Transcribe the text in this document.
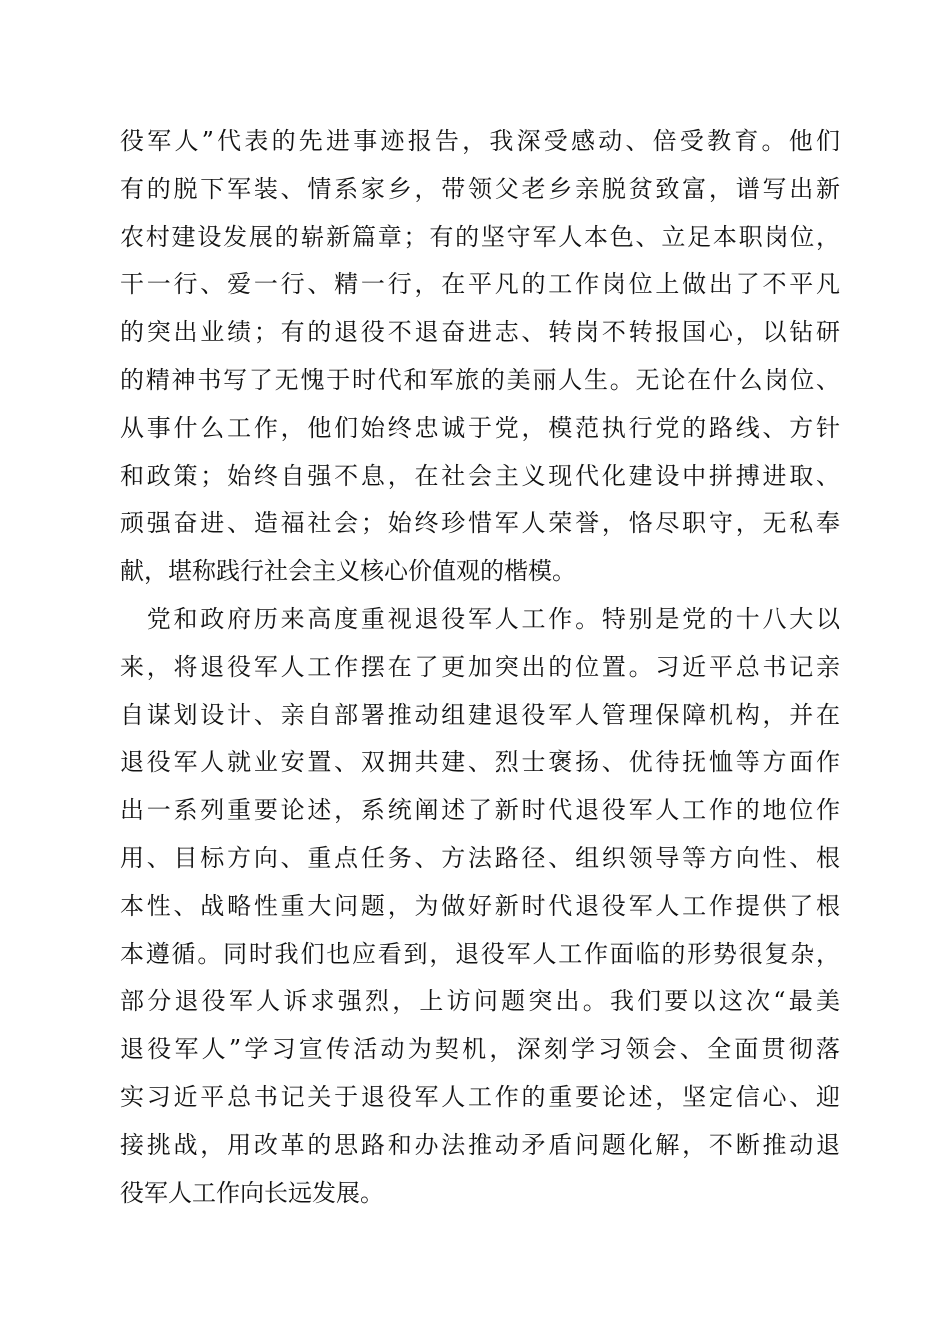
役军人”代表的先进事迹报告，我深受感动、倍受教育。他们
有的脱下军装、情系家乡，带领父老乡亲脱贫致富，谱写出新
农村建设发展的崭新篇章；有的坚守军人本色、立足本职岗位，
干一行、爱一行、精一行，在平凡的工作岗位上做出了不平凡
的突出业绩；有的退役不退奋进志、转岗不转报国心，以钻研
的精神书写了无愧于时代和军旅的美丽人生。无论在什么岗位、
从事什么工作，他们始终忠诚于党，模范执行党的路线、方针
和政策；始终自强不息，在社会主义现代化建设中拼搏进取、
顽强奋进、造福社会；始终珍惜军人荣誉，恪尽职守，无私奉
献，堪称践行社会主义核心价值观的楷模。
　党和政府历来高度重视退役军人工作。特别是党的十八大以
来，将退役军人工作摆在了更加突出的位置。习近平总书记亲
自谋划设计、亲自部署推动组建退役军人管理保障机构，并在
退役军人就业安置、双拥共建、烈士褒扬、优待抚恤等方面作
出一系列重要论述，系统阐述了新时代退役军人工作的地位作
用、目标方向、重点任务、方法路径、组织领导等方向性、根
本性、战略性重大问题，为做好新时代退役军人工作提供了根
本遵循。同时我们也应看到，退役军人工作面临的形势很复杂，
部分退役军人诉求强烈，上访问题突出。我们要以这次“最美
退役军人”学习宣传活动为契机，深刻学习领会、全面贯彻落
实习近平总书记关于退役军人工作的重要论述，坚定信心、迎
接挑战，用改革的思路和办法推动矛盾问题化解，不断推动退
役军人工作向长远发展。
